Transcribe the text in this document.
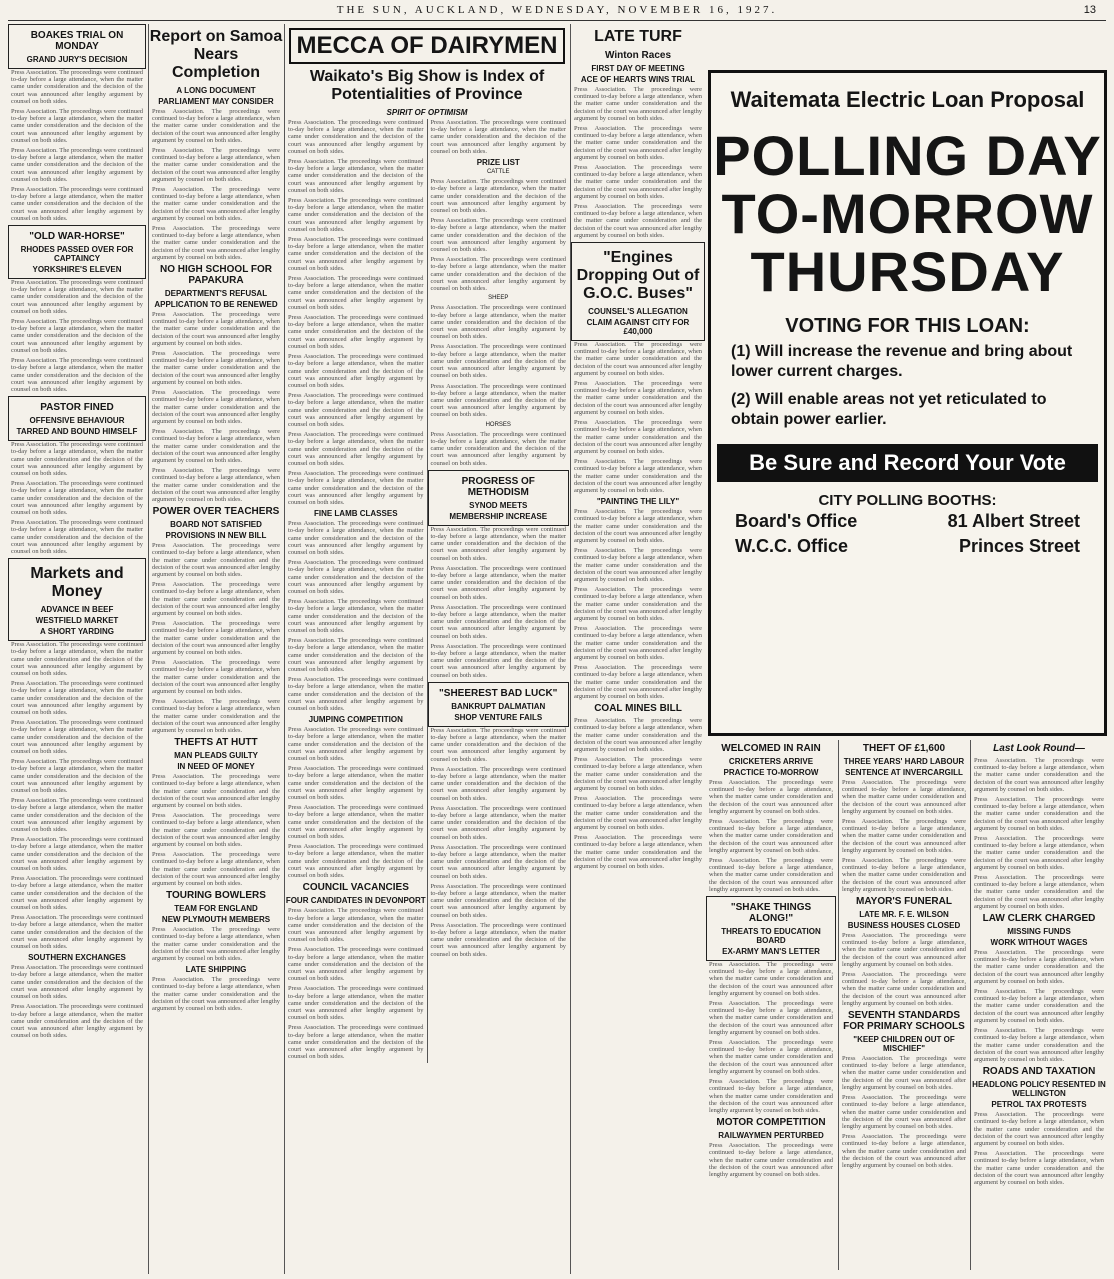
THE SUN, AUCKLAND, WEDNESDAY, NOVEMBER 16, 1927.	13
BOAKES TRIAL ON MONDAY
GRAND JURY'S DECISION

Press Association. The proceedings were continued to-day before a large attendance, when the matter came under consideration and the decision of the court was announced after lengthy argument by counsel on both sides.

Press Association. The proceedings were continued to-day before a large attendance, when the matter came under consideration and the decision of the court was announced after lengthy argument by counsel on both sides.

Press Association. The proceedings were continued to-day before a large attendance, when the matter came under consideration and the decision of the court was announced after lengthy argument by counsel on both sides.

Press Association. The proceedings were continued to-day before a large attendance, when the matter came under consideration and the decision of the court was announced after lengthy argument by counsel on both sides.

"OLD WAR-HORSE"
RHODES PASSED OVER FOR CAPTAINCY
YORKSHIRE'S ELEVEN

Press Association. The proceedings were continued to-day before a large attendance, when the matter came under consideration and the decision of the court was announced after lengthy argument by counsel on both sides.

Press Association. The proceedings were continued to-day before a large attendance, when the matter came under consideration and the decision of the court was announced after lengthy argument by counsel on both sides.

Press Association. The proceedings were continued to-day before a large attendance, when the matter came under consideration and the decision of the court was announced after lengthy argument by counsel on both sides.

PASTOR FINED
OFFENSIVE BEHAVIOUR
TARRED AND BOUND HIMSELF

Press Association. The proceedings were continued to-day before a large attendance, when the matter came under consideration and the decision of the court was announced after lengthy argument by counsel on both sides.

Press Association. The proceedings were continued to-day before a large attendance, when the matter came under consideration and the decision of the court was announced after lengthy argument by counsel on both sides.

Press Association. The proceedings were continued to-day before a large attendance, when the matter came under consideration and the decision of the court was announced after lengthy argument by counsel on both sides.

Markets and Money
ADVANCE IN BEEF
WESTFIELD MARKET
A SHORT YARDING

Press Association. The proceedings were continued to-day before a large attendance, when the matter came under consideration and the decision of the court was announced after lengthy argument by counsel on both sides.

Press Association. The proceedings were continued to-day before a large attendance, when the matter came under consideration and the decision of the court was announced after lengthy argument by counsel on both sides.

Press Association. The proceedings were continued to-day before a large attendance, when the matter came under consideration and the decision of the court was announced after lengthy argument by counsel on both sides.

Press Association. The proceedings were continued to-day before a large attendance, when the matter came under consideration and the decision of the court was announced after lengthy argument by counsel on both sides.

Press Association. The proceedings were continued to-day before a large attendance, when the matter came under consideration and the decision of the court was announced after lengthy argument by counsel on both sides.

Press Association. The proceedings were continued to-day before a large attendance, when the matter came under consideration and the decision of the court was announced after lengthy argument by counsel on both sides.

Press Association. The proceedings were continued to-day before a large attendance, when the matter came under consideration and the decision of the court was announced after lengthy argument by counsel on both sides.

Press Association. The proceedings were continued to-day before a large attendance, when the matter came under consideration and the decision of the court was announced after lengthy argument by counsel on both sides.

SOUTHERN EXCHANGES

Press Association. The proceedings were continued to-day before a large attendance, when the matter came under consideration and the decision of the court was announced after lengthy argument by counsel on both sides.

Press Association. The proceedings were continued to-day before a large attendance, when the matter came under consideration and the decision of the court was announced after lengthy argument by counsel on both sides.

Report on Samoa Nears Completion
A LONG DOCUMENT
PARLIAMENT MAY CONSIDER

Press Association. The proceedings were continued to-day before a large attendance, when the matter came under consideration and the decision of the court was announced after lengthy argument by counsel on both sides.

Press Association. The proceedings were continued to-day before a large attendance, when the matter came under consideration and the decision of the court was announced after lengthy argument by counsel on both sides.

Press Association. The proceedings were continued to-day before a large attendance, when the matter came under consideration and the decision of the court was announced after lengthy argument by counsel on both sides.

Press Association. The proceedings were continued to-day before a large attendance, when the matter came under consideration and the decision of the court was announced after lengthy argument by counsel on both sides.

NO HIGH SCHOOL FOR PAPAKURA
DEPARTMENT'S REFUSAL
APPLICATION TO BE RENEWED

Press Association. The proceedings were continued to-day before a large attendance, when the matter came under consideration and the decision of the court was announced after lengthy argument by counsel on both sides.

Press Association. The proceedings were continued to-day before a large attendance, when the matter came under consideration and the decision of the court was announced after lengthy argument by counsel on both sides.

Press Association. The proceedings were continued to-day before a large attendance, when the matter came under consideration and the decision of the court was announced after lengthy argument by counsel on both sides.

Press Association. The proceedings were continued to-day before a large attendance, when the matter came under consideration and the decision of the court was announced after lengthy argument by counsel on both sides.

Press Association. The proceedings were continued to-day before a large attendance, when the matter came under consideration and the decision of the court was announced after lengthy argument by counsel on both sides.

POWER OVER TEACHERS
BOARD NOT SATISFIED
PROVISIONS IN NEW BILL

Press Association. The proceedings were continued to-day before a large attendance, when the matter came under consideration and the decision of the court was announced after lengthy argument by counsel on both sides.

Press Association. The proceedings were continued to-day before a large attendance, when the matter came under consideration and the decision of the court was announced after lengthy argument by counsel on both sides.

Press Association. The proceedings were continued to-day before a large attendance, when the matter came under consideration and the decision of the court was announced after lengthy argument by counsel on both sides.

Press Association. The proceedings were continued to-day before a large attendance, when the matter came under consideration and the decision of the court was announced after lengthy argument by counsel on both sides.

Press Association. The proceedings were continued to-day before a large attendance, when the matter came under consideration and the decision of the court was announced after lengthy argument by counsel on both sides.

THEFTS AT HUTT
MAN PLEADS GUILTY
IN NEED OF MONEY

Press Association. The proceedings were continued to-day before a large attendance, when the matter came under consideration and the decision of the court was announced after lengthy argument by counsel on both sides.

Press Association. The proceedings were continued to-day before a large attendance, when the matter came under consideration and the decision of the court was announced after lengthy argument by counsel on both sides.

Press Association. The proceedings were continued to-day before a large attendance, when the matter came under consideration and the decision of the court was announced after lengthy argument by counsel on both sides.

TOURING BOWLERS
TEAM FOR ENGLAND
NEW PLYMOUTH MEMBERS

Press Association. The proceedings were continued to-day before a large attendance, when the matter came under consideration and the decision of the court was announced after lengthy argument by counsel on both sides.

LATE SHIPPING

Press Association. The proceedings were continued to-day before a large attendance, when the matter came under consideration and the decision of the court was announced after lengthy argument by counsel on both sides.

MECCA OF DAIRYMEN
Waikato's Big Show is Index of Potentialities of Province
SPIRIT OF OPTIMISM

Press Association. The proceedings were continued to-day before a large attendance, when the matter came under consideration and the decision of the court was announced after lengthy argument by counsel on both sides.

Press Association. The proceedings were continued to-day before a large attendance, when the matter came under consideration and the decision of the court was announced after lengthy argument by counsel on both sides.

Press Association. The proceedings were continued to-day before a large attendance, when the matter came under consideration and the decision of the court was announced after lengthy argument by counsel on both sides.

Press Association. The proceedings were continued to-day before a large attendance, when the matter came under consideration and the decision of the court was announced after lengthy argument by counsel on both sides.

Press Association. The proceedings were continued to-day before a large attendance, when the matter came under consideration and the decision of the court was announced after lengthy argument by counsel on both sides.

Press Association. The proceedings were continued to-day before a large attendance, when the matter came under consideration and the decision of the court was announced after lengthy argument by counsel on both sides.

Press Association. The proceedings were continued to-day before a large attendance, when the matter came under consideration and the decision of the court was announced after lengthy argument by counsel on both sides.

Press Association. The proceedings were continued to-day before a large attendance, when the matter came under consideration and the decision of the court was announced after lengthy argument by counsel on both sides.

Press Association. The proceedings were continued to-day before a large attendance, when the matter came under consideration and the decision of the court was announced after lengthy argument by counsel on both sides.

Press Association. The proceedings were continued to-day before a large attendance, when the matter came under consideration and the decision of the court was announced after lengthy argument by counsel on both sides.

FINE LAMB CLASSES

Press Association. The proceedings were continued to-day before a large attendance, when the matter came under consideration and the decision of the court was announced after lengthy argument by counsel on both sides.

Press Association. The proceedings were continued to-day before a large attendance, when the matter came under consideration and the decision of the court was announced after lengthy argument by counsel on both sides.

Press Association. The proceedings were continued to-day before a large attendance, when the matter came under consideration and the decision of the court was announced after lengthy argument by counsel on both sides.

Press Association. The proceedings were continued to-day before a large attendance, when the matter came under consideration and the decision of the court was announced after lengthy argument by counsel on both sides.

Press Association. The proceedings were continued to-day before a large attendance, when the matter came under consideration and the decision of the court was announced after lengthy argument by counsel on both sides.

JUMPING COMPETITION

Press Association. The proceedings were continued to-day before a large attendance, when the matter came under consideration and the decision of the court was announced after lengthy argument by counsel on both sides.

Press Association. The proceedings were continued to-day before a large attendance, when the matter came under consideration and the decision of the court was announced after lengthy argument by counsel on both sides.

Press Association. The proceedings were continued to-day before a large attendance, when the matter came under consideration and the decision of the court was announced after lengthy argument by counsel on both sides.

Press Association. The proceedings were continued to-day before a large attendance, when the matter came under consideration and the decision of the court was announced after lengthy argument by counsel on both sides.

COUNCIL VACANCIES
FOUR CANDIDATES IN DEVONPORT

Press Association. The proceedings were continued to-day before a large attendance, when the matter came under consideration and the decision of the court was announced after lengthy argument by counsel on both sides.

Press Association. The proceedings were continued to-day before a large attendance, when the matter came under consideration and the decision of the court was announced after lengthy argument by counsel on both sides.

Press Association. The proceedings were continued to-day before a large attendance, when the matter came under consideration and the decision of the court was announced after lengthy argument by counsel on both sides.

Press Association. The proceedings were continued to-day before a large attendance, when the matter came under consideration and the decision of the court was announced after lengthy argument by counsel on both sides.

Press Association. The proceedings were continued to-day before a large attendance, when the matter came under consideration and the decision of the court was announced after lengthy argument by counsel on both sides.

PRIZE LIST
CATTLE

Press Association. The proceedings were continued to-day before a large attendance, when the matter came under consideration and the decision of the court was announced after lengthy argument by counsel on both sides.

Press Association. The proceedings were continued to-day before a large attendance, when the matter came under consideration and the decision of the court was announced after lengthy argument by counsel on both sides.

Press Association. The proceedings were continued to-day before a large attendance, when the matter came under consideration and the decision of the court was announced after lengthy argument by counsel on both sides.

SHEEP

Press Association. The proceedings were continued to-day before a large attendance, when the matter came under consideration and the decision of the court was announced after lengthy argument by counsel on both sides.

Press Association. The proceedings were continued to-day before a large attendance, when the matter came under consideration and the decision of the court was announced after lengthy argument by counsel on both sides.

Press Association. The proceedings were continued to-day before a large attendance, when the matter came under consideration and the decision of the court was announced after lengthy argument by counsel on both sides.

HORSES

Press Association. The proceedings were continued to-day before a large attendance, when the matter came under consideration and the decision of the court was announced after lengthy argument by counsel on both sides.

PROGRESS OF METHODISM
SYNOD MEETS
MEMBERSHIP INCREASE

Press Association. The proceedings were continued to-day before a large attendance, when the matter came under consideration and the decision of the court was announced after lengthy argument by counsel on both sides.

Press Association. The proceedings were continued to-day before a large attendance, when the matter came under consideration and the decision of the court was announced after lengthy argument by counsel on both sides.

Press Association. The proceedings were continued to-day before a large attendance, when the matter came under consideration and the decision of the court was announced after lengthy argument by counsel on both sides.

Press Association. The proceedings were continued to-day before a large attendance, when the matter came under consideration and the decision of the court was announced after lengthy argument by counsel on both sides.

"SHEEREST BAD LUCK"
BANKRUPT DALMATIAN
SHOP VENTURE FAILS

Press Association. The proceedings were continued to-day before a large attendance, when the matter came under consideration and the decision of the court was announced after lengthy argument by counsel on both sides.

Press Association. The proceedings were continued to-day before a large attendance, when the matter came under consideration and the decision of the court was announced after lengthy argument by counsel on both sides.

Press Association. The proceedings were continued to-day before a large attendance, when the matter came under consideration and the decision of the court was announced after lengthy argument by counsel on both sides.

Press Association. The proceedings were continued to-day before a large attendance, when the matter came under consideration and the decision of the court was announced after lengthy argument by counsel on both sides.

Press Association. The proceedings were continued to-day before a large attendance, when the matter came under consideration and the decision of the court was announced after lengthy argument by counsel on both sides.

Press Association. The proceedings were continued to-day before a large attendance, when the matter came under consideration and the decision of the court was announced after lengthy argument by counsel on both sides.

LATE TURF
Winton Races
FIRST DAY OF MEETING
ACE OF HEARTS WINS TRIAL

Press Association. The proceedings were continued to-day before a large attendance, when the matter came under consideration and the decision of the court was announced after lengthy argument by counsel on both sides.

Press Association. The proceedings were continued to-day before a large attendance, when the matter came under consideration and the decision of the court was announced after lengthy argument by counsel on both sides.

Press Association. The proceedings were continued to-day before a large attendance, when the matter came under consideration and the decision of the court was announced after lengthy argument by counsel on both sides.

Press Association. The proceedings were continued to-day before a large attendance, when the matter came under consideration and the decision of the court was announced after lengthy argument by counsel on both sides.

"Engines Dropping Out of G.O.C. Buses"
COUNSEL'S ALLEGATION
CLAIM AGAINST CITY FOR £40,000

Press Association. The proceedings were continued to-day before a large attendance, when the matter came under consideration and the decision of the court was announced after lengthy argument by counsel on both sides.

Press Association. The proceedings were continued to-day before a large attendance, when the matter came under consideration and the decision of the court was announced after lengthy argument by counsel on both sides.

Press Association. The proceedings were continued to-day before a large attendance, when the matter came under consideration and the decision of the court was announced after lengthy argument by counsel on both sides.

Press Association. The proceedings were continued to-day before a large attendance, when the matter came under consideration and the decision of the court was announced after lengthy argument by counsel on both sides.

"PAINTING THE LILY"

Press Association. The proceedings were continued to-day before a large attendance, when the matter came under consideration and the decision of the court was announced after lengthy argument by counsel on both sides.

Press Association. The proceedings were continued to-day before a large attendance, when the matter came under consideration and the decision of the court was announced after lengthy argument by counsel on both sides.

Press Association. The proceedings were continued to-day before a large attendance, when the matter came under consideration and the decision of the court was announced after lengthy argument by counsel on both sides.

Press Association. The proceedings were continued to-day before a large attendance, when the matter came under consideration and the decision of the court was announced after lengthy argument by counsel on both sides.

Press Association. The proceedings were continued to-day before a large attendance, when the matter came under consideration and the decision of the court was announced after lengthy argument by counsel on both sides.

COAL MINES BILL

Press Association. The proceedings were continued to-day before a large attendance, when the matter came under consideration and the decision of the court was announced after lengthy argument by counsel on both sides.

Press Association. The proceedings were continued to-day before a large attendance, when the matter came under consideration and the decision of the court was announced after lengthy argument by counsel on both sides.

Press Association. The proceedings were continued to-day before a large attendance, when the matter came under consideration and the decision of the court was announced after lengthy argument by counsel on both sides.

Press Association. The proceedings were continued to-day before a large attendance, when the matter came under consideration and the decision of the court was announced after lengthy argument by counsel on both sides.

Waitemata Electric Loan Proposal
POLLING DAY
TO-MORROW
THURSDAY
VOTING FOR THIS LOAN:
(1) Will increase the revenue and bring about lower current charges.
(2) Will enable areas not yet reticulated to obtain power earlier.
Be Sure and Record Your Vote
CITY POLLING BOOTHS:
Board's Office	81 Albert Street
W.C.C. Office	Princes Street
WELCOMED IN RAIN
CRICKETERS ARRIVE
PRACTICE TO-MORROW

Press Association. The proceedings were continued to-day before a large attendance, when the matter came under consideration and the decision of the court was announced after lengthy argument by counsel on both sides.

Press Association. The proceedings were continued to-day before a large attendance, when the matter came under consideration and the decision of the court was announced after lengthy argument by counsel on both sides.

Press Association. The proceedings were continued to-day before a large attendance, when the matter came under consideration and the decision of the court was announced after lengthy argument by counsel on both sides.

"SHAKE THINGS ALONG!"
THREATS TO EDUCATION BOARD
EX-ARMY MAN'S LETTER

Press Association. The proceedings were continued to-day before a large attendance, when the matter came under consideration and the decision of the court was announced after lengthy argument by counsel on both sides.

Press Association. The proceedings were continued to-day before a large attendance, when the matter came under consideration and the decision of the court was announced after lengthy argument by counsel on both sides.

Press Association. The proceedings were continued to-day before a large attendance, when the matter came under consideration and the decision of the court was announced after lengthy argument by counsel on both sides.

Press Association. The proceedings were continued to-day before a large attendance, when the matter came under consideration and the decision of the court was announced after lengthy argument by counsel on both sides.

MOTOR COMPETITION
RAILWAYMEN PERTURBED

Press Association. The proceedings were continued to-day before a large attendance, when the matter came under consideration and the decision of the court was announced after lengthy argument by counsel on both sides.

THEFT OF £1,600
THREE YEARS' HARD LABOUR
SENTENCE AT INVERCARGILL

Press Association. The proceedings were continued to-day before a large attendance, when the matter came under consideration and the decision of the court was announced after lengthy argument by counsel on both sides.

Press Association. The proceedings were continued to-day before a large attendance, when the matter came under consideration and the decision of the court was announced after lengthy argument by counsel on both sides.

Press Association. The proceedings were continued to-day before a large attendance, when the matter came under consideration and the decision of the court was announced after lengthy argument by counsel on both sides.

MAYOR'S FUNERAL
LATE MR. F. E. WILSON
BUSINESS HOUSES CLOSED

Press Association. The proceedings were continued to-day before a large attendance, when the matter came under consideration and the decision of the court was announced after lengthy argument by counsel on both sides.

Press Association. The proceedings were continued to-day before a large attendance, when the matter came under consideration and the decision of the court was announced after lengthy argument by counsel on both sides.

SEVENTH STANDARDS FOR PRIMARY SCHOOLS
"KEEP CHILDREN OUT OF MISCHIEF"

Press Association. The proceedings were continued to-day before a large attendance, when the matter came under consideration and the decision of the court was announced after lengthy argument by counsel on both sides.

Press Association. The proceedings were continued to-day before a large attendance, when the matter came under consideration and the decision of the court was announced after lengthy argument by counsel on both sides.

Press Association. The proceedings were continued to-day before a large attendance, when the matter came under consideration and the decision of the court was announced after lengthy argument by counsel on both sides.

Last Look Round—

Press Association. The proceedings were continued to-day before a large attendance, when the matter came under consideration and the decision of the court was announced after lengthy argument by counsel on both sides.

Press Association. The proceedings were continued to-day before a large attendance, when the matter came under consideration and the decision of the court was announced after lengthy argument by counsel on both sides.

Press Association. The proceedings were continued to-day before a large attendance, when the matter came under consideration and the decision of the court was announced after lengthy argument by counsel on both sides.

Press Association. The proceedings were continued to-day before a large attendance, when the matter came under consideration and the decision of the court was announced after lengthy argument by counsel on both sides.

LAW CLERK CHARGED
MISSING FUNDS
WORK WITHOUT WAGES

Press Association. The proceedings were continued to-day before a large attendance, when the matter came under consideration and the decision of the court was announced after lengthy argument by counsel on both sides.

Press Association. The proceedings were continued to-day before a large attendance, when the matter came under consideration and the decision of the court was announced after lengthy argument by counsel on both sides.

Press Association. The proceedings were continued to-day before a large attendance, when the matter came under consideration and the decision of the court was announced after lengthy argument by counsel on both sides.

ROADS AND TAXATION
HEADLONG POLICY RESENTED IN WELLINGTON
PETROL TAX PROTESTS

Press Association. The proceedings were continued to-day before a large attendance, when the matter came under consideration and the decision of the court was announced after lengthy argument by counsel on both sides.

Press Association. The proceedings were continued to-day before a large attendance, when the matter came under consideration and the decision of the court was announced after lengthy argument by counsel on both sides.
